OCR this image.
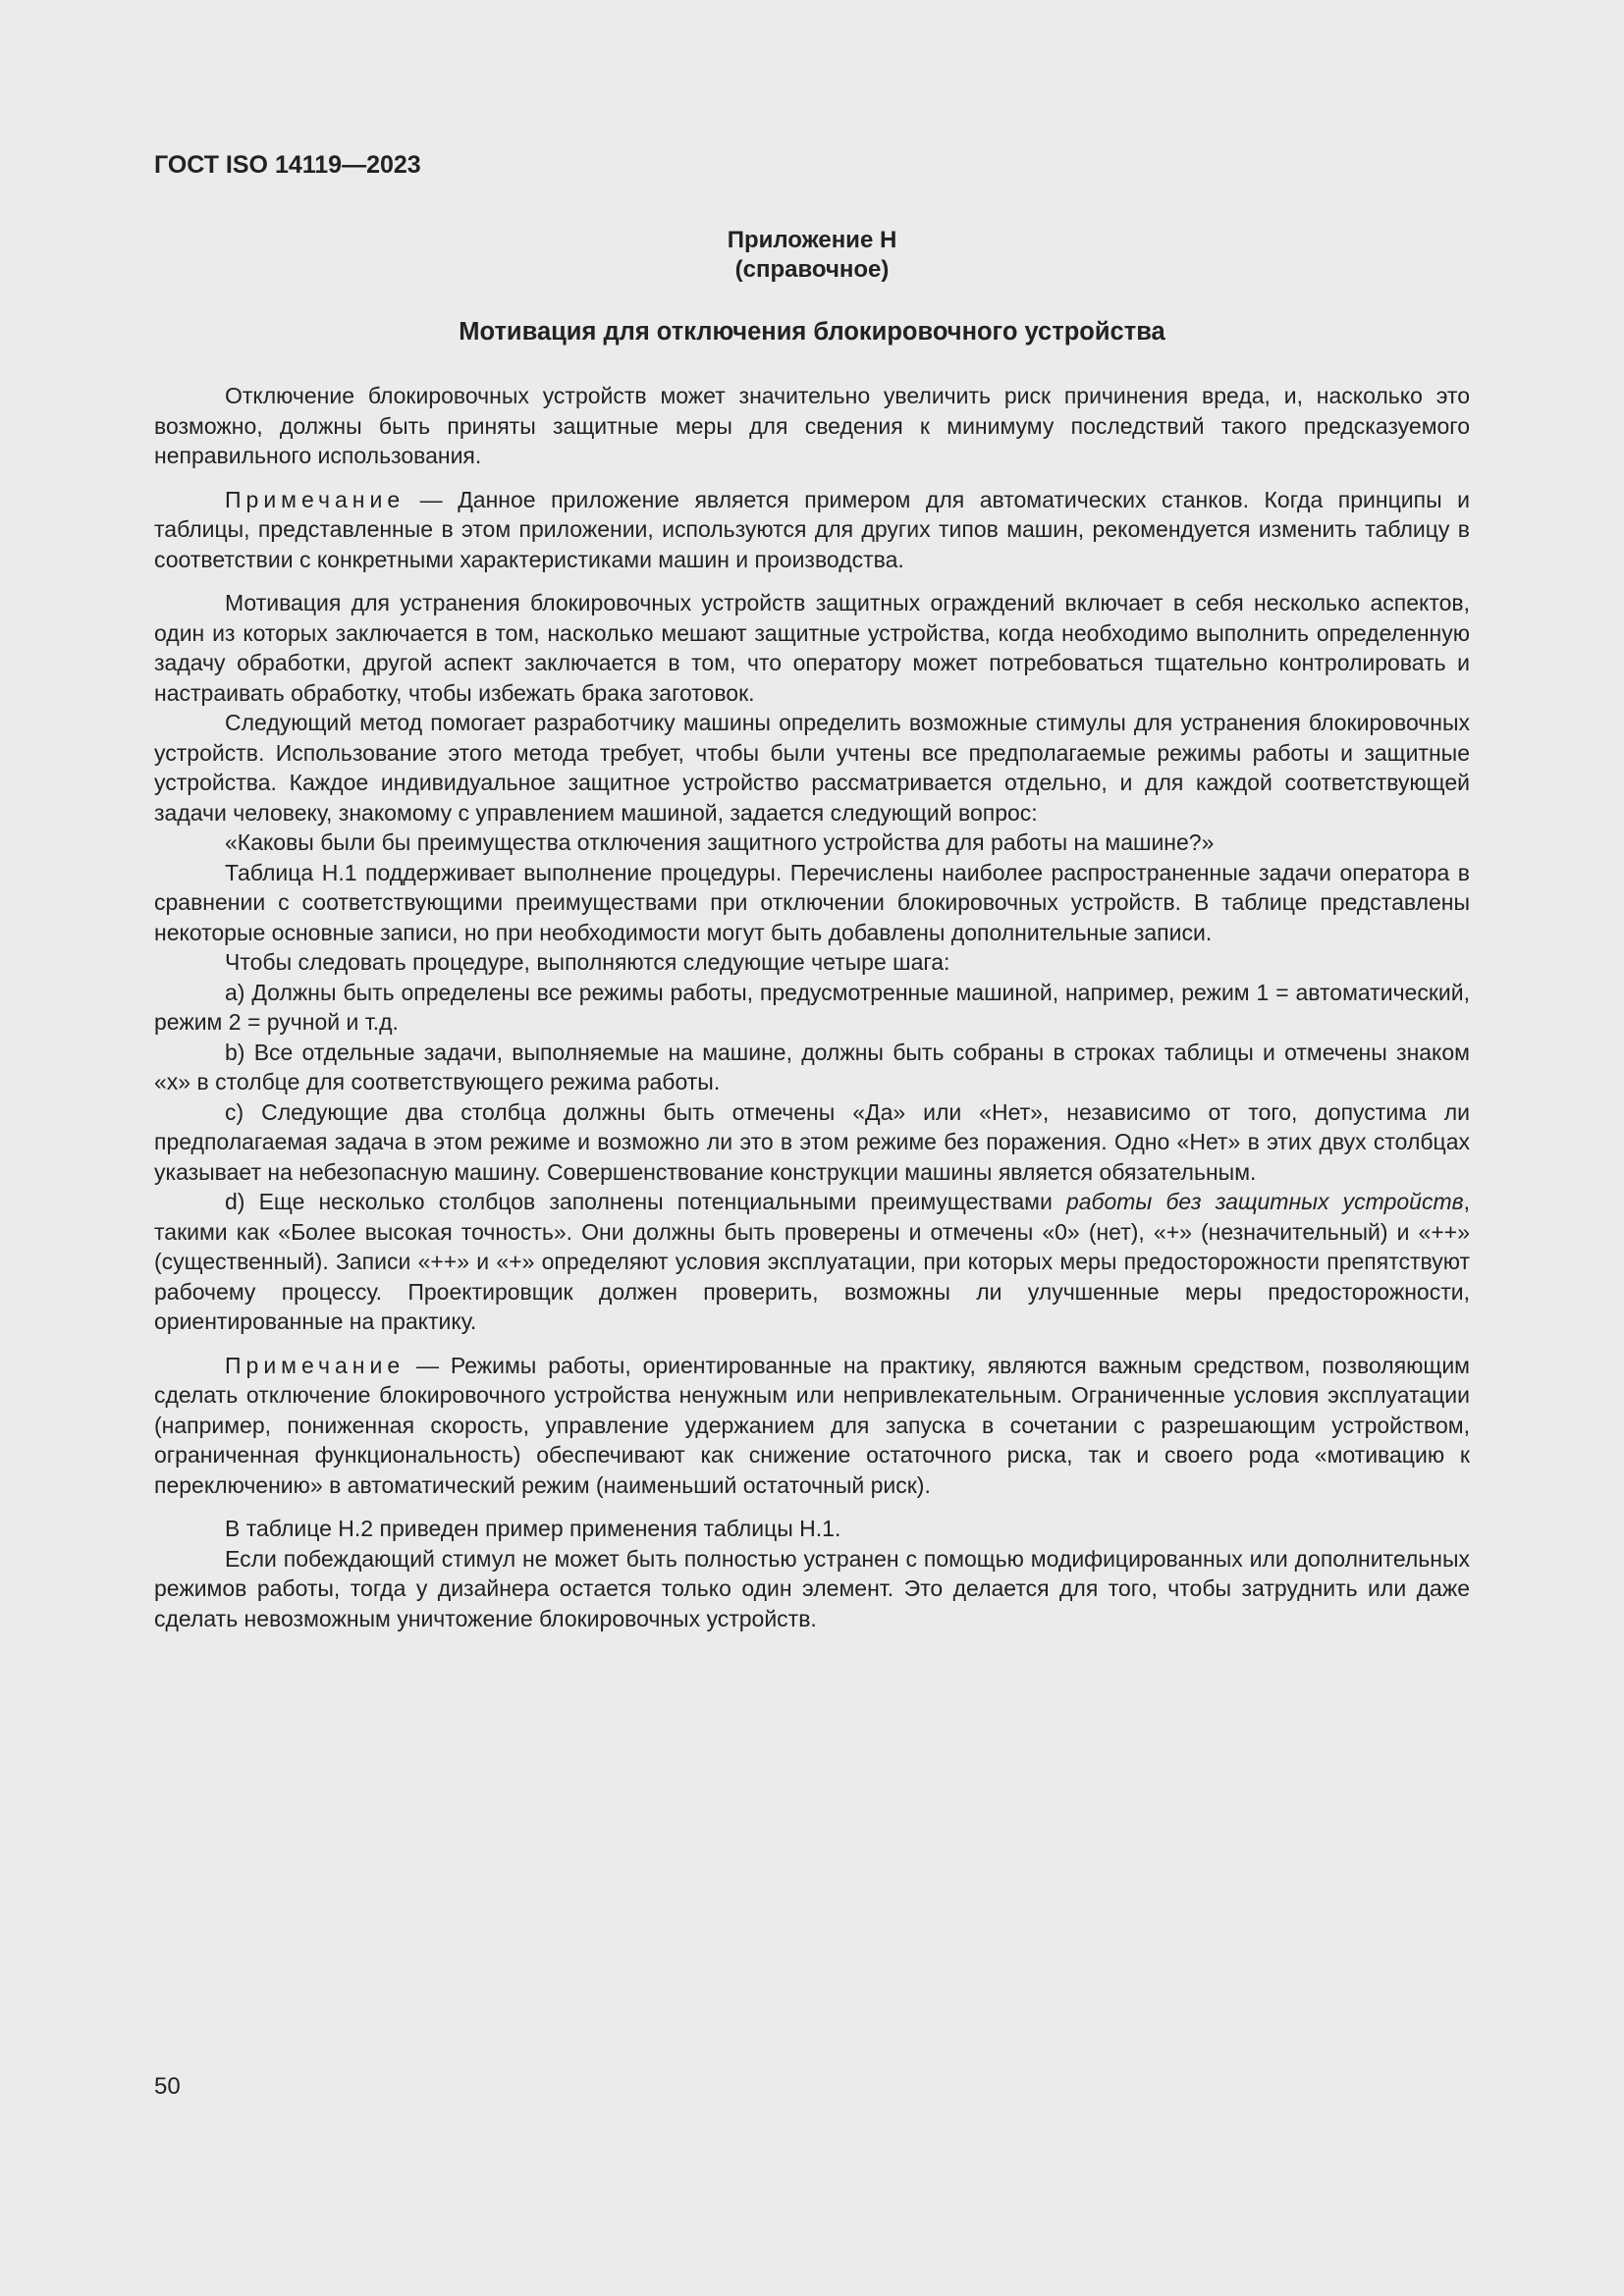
ГОСТ ISO 14119—2023
Приложение Н
(справочное)
Мотивация для отключения блокировочного устройства

Отключение блокировочных устройств может значительно увеличить риск причинения вреда, и, насколько это возможно, должны быть приняты защитные меры для сведения к минимуму последствий такого предсказуемого неправильного использования.

Примечание — Данное приложение является примером для автоматических станков. Когда принципы и таблицы, представленные в этом приложении, используются для других типов машин, рекомендуется изменить таблицу в соответствии с конкретными характеристиками машин и производства.

Мотивация для устранения блокировочных устройств защитных ограждений включает в себя несколько аспектов, один из которых заключается в том, насколько мешают защитные устройства, когда необходимо выполнить определенную задачу обработки, другой аспект заключается в том, что оператору может потребоваться тщательно контролировать и настраивать обработку, чтобы избежать брака заготовок.

Следующий метод помогает разработчику машины определить возможные стимулы для устранения блокировочных устройств. Использование этого метода требует, чтобы были учтены все предполагаемые режимы работы и защитные устройства. Каждое индивидуальное защитное устройство рассматривается отдельно, и для каждой соответствующей задачи человеку, знакомому с управлением машиной, задается следующий вопрос:

«Каковы были бы преимущества отключения защитного устройства для работы на машине?»

Таблица Н.1 поддерживает выполнение процедуры. Перечислены наиболее распространенные задачи оператора в сравнении с соответствующими преимуществами при отключении блокировочных устройств. В таблице представлены некоторые основные записи, но при необходимости могут быть добавлены дополнительные записи.

Чтобы следовать процедуре, выполняются следующие четыре шага:

a) Должны быть определены все режимы работы, предусмотренные машиной, например, режим 1 = автоматический, режим 2 = ручной и т.д.

b) Все отдельные задачи, выполняемые на машине, должны быть собраны в строках таблицы и отмечены знаком «x» в столбце для соответствующего режима работы.

c) Следующие два столбца должны быть отмечены «Да» или «Нет», независимо от того, допустима ли предполагаемая задача в этом режиме и возможно ли это в этом режиме без поражения. Одно «Нет» в этих двух столбцах указывает на небезопасную машину. Совершенствование конструкции машины является обязательным.

d) Еще несколько столбцов заполнены потенциальными преимуществами работы без защитных устройств, такими как «Более высокая точность». Они должны быть проверены и отмечены «0» (нет), «+» (незначительный) и «++» (существенный). Записи «++» и «+» определяют условия эксплуатации, при которых меры предосторожности препятствуют рабочему процессу. Проектировщик должен проверить, возможны ли улучшенные меры предосторожности, ориентированные на практику.

Примечание — Режимы работы, ориентированные на практику, являются важным средством, позволяющим сделать отключение блокировочного устройства ненужным или непривлекательным. Ограниченные условия эксплуатации (например, пониженная скорость, управление удержанием для запуска в сочетании с разрешающим устройством, ограниченная функциональность) обеспечивают как снижение остаточного риска, так и своего рода «мотивацию к переключению» в автоматический режим (наименьший остаточный риск).

В таблице Н.2 приведен пример применения таблицы Н.1.

Если побеждающий стимул не может быть полностью устранен с помощью модифицированных или дополнительных режимов работы, тогда у дизайнера остается только один элемент. Это делается для того, чтобы затруднить или даже сделать невозможным уничтожение блокировочных устройств.

50
